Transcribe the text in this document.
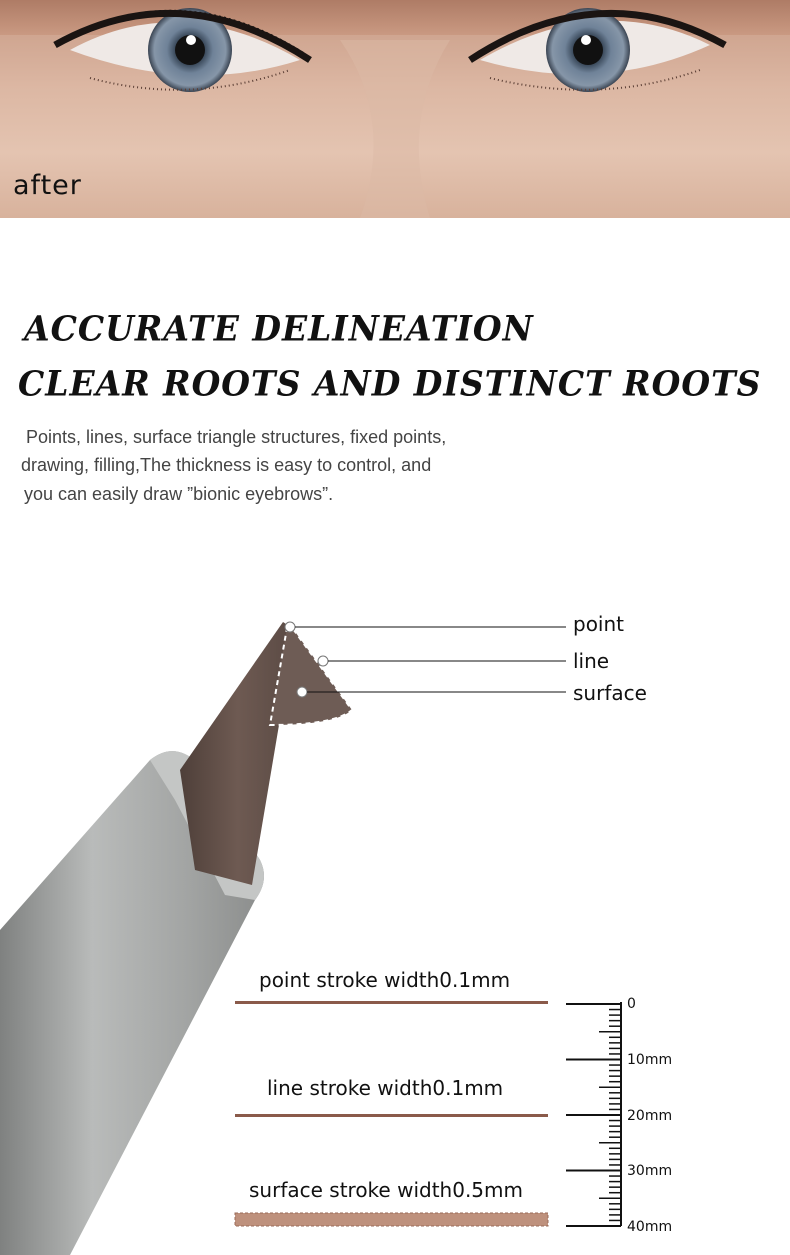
after
ACCURATE DELINEATION
CLEAR ROOTS AND DISTINCT ROOTS
Points, lines, surface triangle structures, fixed points,
drawing, filling,The thickness is easy to control, and
you can easily draw ”bionic eyebrows”.
point
line
surface
point stroke width0.1mm
line stroke width0.1mm
surface stroke width0.5mm
0
10mm
20mm
30mm
40mm
